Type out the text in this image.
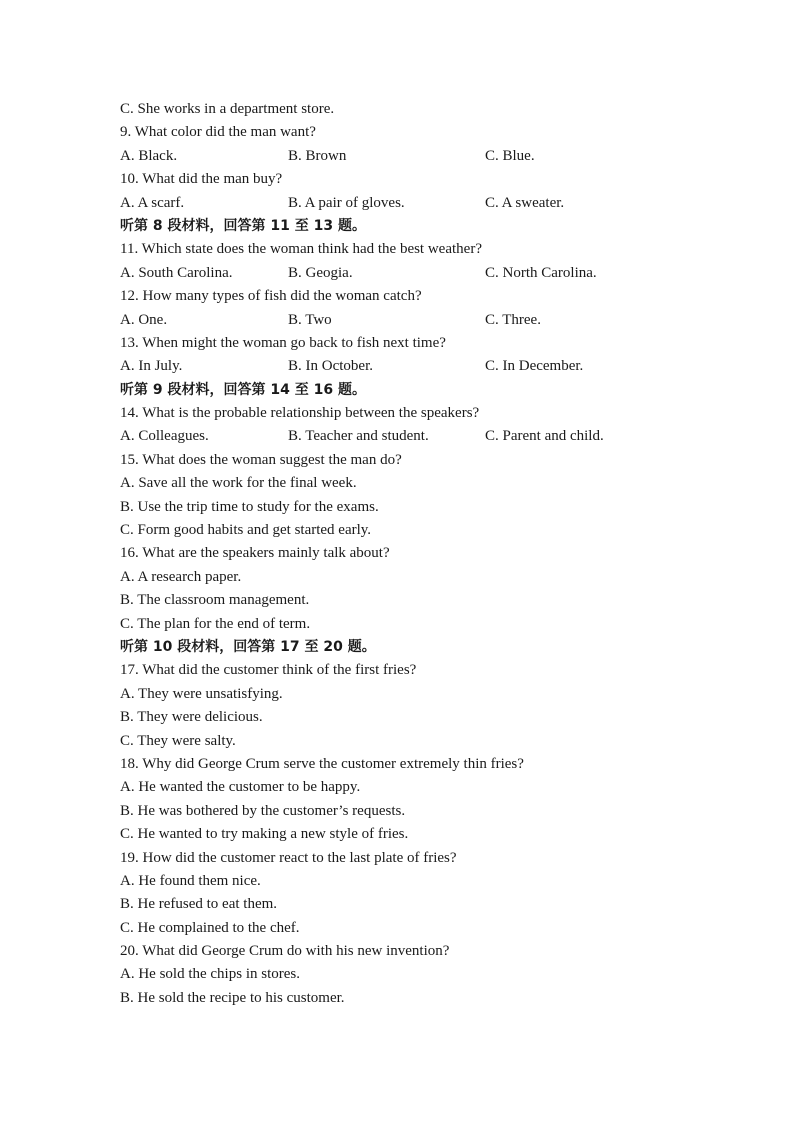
C. She works in a department store.
9. What color did the man want?
A. Black.	B. Brown	C. Blue.
10. What did the man buy?
A. A scarf.	B. A pair of gloves.	C. A sweater.
听第 8 段材料，回答第 11 至 13 题。
11. Which state does the woman think had the best weather?
A. South Carolina.	B. Geogia.	C. North Carolina.
12. How many types of fish did the woman catch?
A. One.	B. Two	C. Three.
13. When might the woman go back to fish next time?
A. In July.	B. In October.	C. In December.
听第 9 段材料，回答第 14 至 16 题。
14. What is the probable relationship between the speakers?
A. Colleagues.	B. Teacher and student.	C. Parent and child.
15. What does the woman suggest the man do?
A. Save all the work for the final week.
B. Use the trip time to study for the exams.
C. Form good habits and get started early.
16. What are the speakers mainly talk about?
A. A research paper.
B. The classroom management.
C. The plan for the end of term.
听第 10 段材料，回答第 17 至 20 题。
17. What did the customer think of the first fries?
A. They were unsatisfying.
B. They were delicious.
C. They were salty.
18. Why did George Crum serve the customer extremely thin fries?
A. He wanted the customer to be happy.
B. He was bothered by the customer’s requests.
C. He wanted to try making a new style of fries.
19. How did the customer react to the last plate of fries?
A. He found them nice.
B. He refused to eat them.
C. He complained to the chef.
20. What did George Crum do with his new invention?
A. He sold the chips in stores.
B. He sold the recipe to his customer.
